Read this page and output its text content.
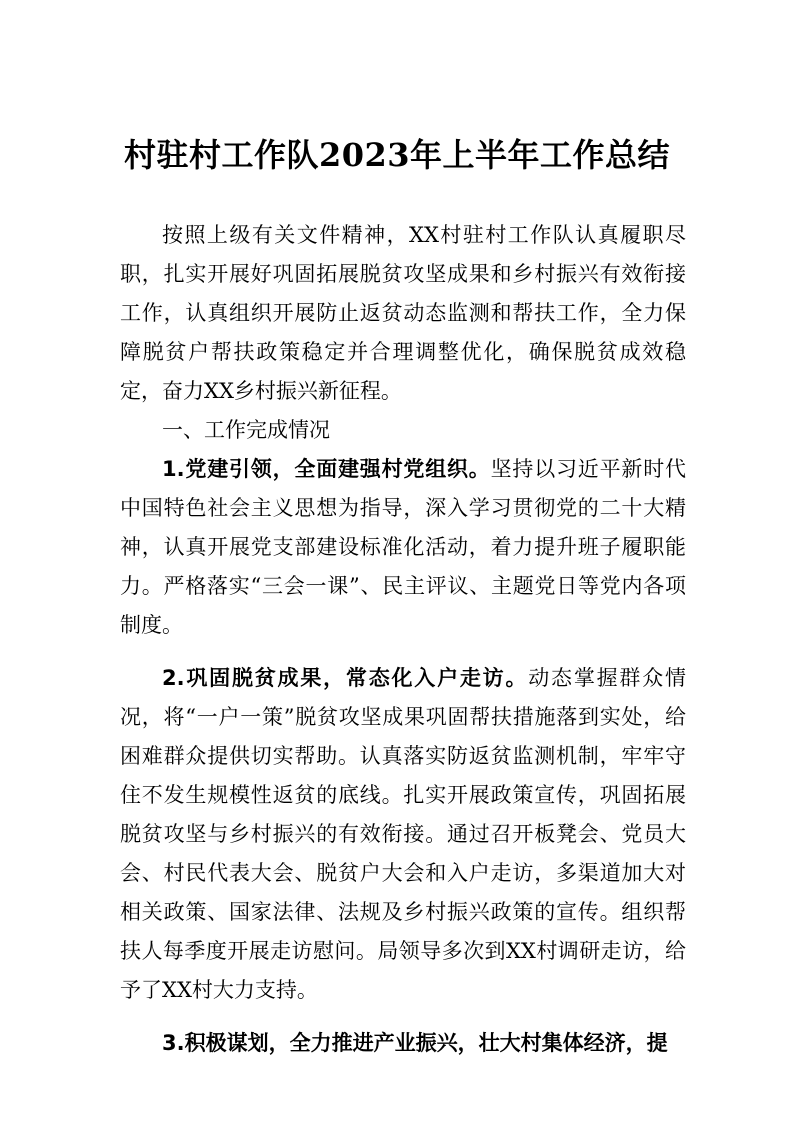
村驻村工作队2023年上半年工作总结

按照上级有关文件精神，XX村驻村工作队认真履职尽职，扎实开展好巩固拓展脱贫攻坚成果和乡村振兴有效衔接工作，认真组织开展防止返贫动态监测和帮扶工作，全力保障脱贫户帮扶政策稳定并合理调整优化，确保脱贫成效稳定，奋力XX乡村振兴新征程。

一、工作完成情况

1.党建引领，全面建强村党组织。坚持以习近平新时代中国特色社会主义思想为指导，深入学习贯彻党的二十大精神，认真开展党支部建设标准化活动，着力提升班子履职能力。严格落实“三会一课”、民主评议、主题党日等党内各项制度。

2.巩固脱贫成果，常态化入户走访。动态掌握群众情况，将“一户一策”脱贫攻坚成果巩固帮扶措施落到实处，给困难群众提供切实帮助。认真落实防返贫监测机制，牢牢守住不发生规模性返贫的底线。扎实开展政策宣传，巩固拓展脱贫攻坚与乡村振兴的有效衔接。通过召开板凳会、党员大会、村民代表大会、脱贫户大会和入户走访，多渠道加大对相关政策、国家法律、法规及乡村振兴政策的宣传。组织帮扶人每季度开展走访慰问。局领导多次到XX村调研走访，给予了XX村大力支持。

3.积极谋划，全力推进产业振兴，壮大村集体经济，提
